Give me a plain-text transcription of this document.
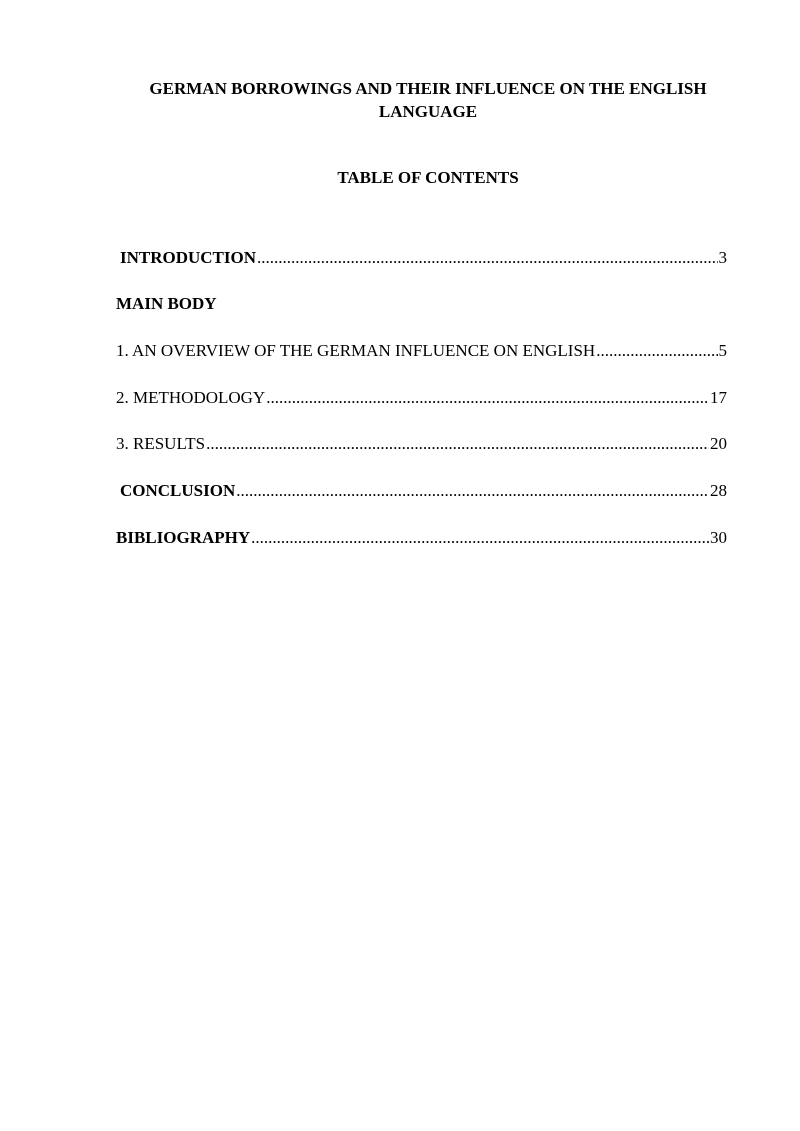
GERMAN BORROWINGS AND THEIR INFLUENCE ON THE ENGLISH LANGUAGE
TABLE OF CONTENTS
INTRODUCTION .....	3
MAIN BODY
1. AN OVERVIEW OF THE GERMAN INFLUENCE ON ENGLISH .....	5
2. METHODOLOGY .....	17
3. RESULTS .....	20
CONCLUSION .....	28
BIBLIOGRAPHY .....	30
